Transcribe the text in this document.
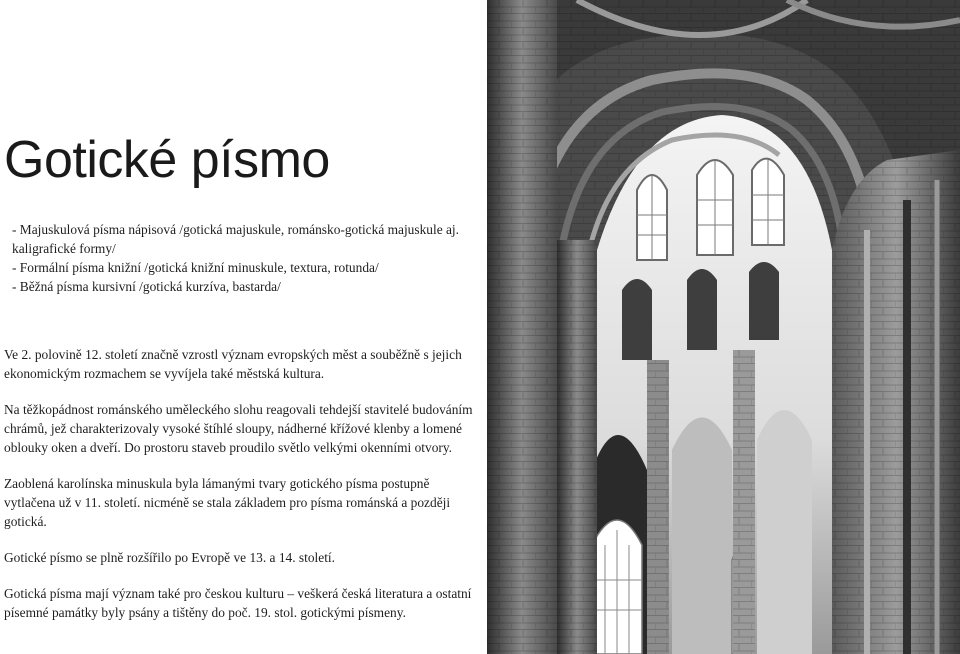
Gotické písmo
- Majuskulová písma nápisová /gotická majuskule, románsko-gotická majuskule aj. kaligrafické formy/
- Formální písma knižní /gotická knižní minuskule, textura, rotunda/
- Běžná písma kursivní /gotická kurzíva, bastarda/

Ve 2. polovině 12. století značně vzrostl význam evropských měst a souběžně s jejich ekonomickým rozmachem se vyvíjela také městská kultura.

Na těžkopádnost románského uměleckého slohu reagovali tehdejší stavitelé budováním chrámů, jež charakterizovaly vysoké štíhlé sloupy, nádherné křížové klenby a lomené oblouky oken a dveří. Do prostoru staveb proudilo světlo velkými okenními otvory.

Zaoblená karolínska minuskula byla lámanými tvary gotického písma postupně vytlačena už v 11. století. nicméně se stala základem pro písma románská a později gotická.

Gotické písmo se plně rozšířilo po Evropě ve 13. a 14. století.

Gotická písma mají význam také pro českou kulturu – veškerá česká literatura a ostatní písemné památky byly psány a tištěny do poč. 19. stol. gotickými písmeny.
